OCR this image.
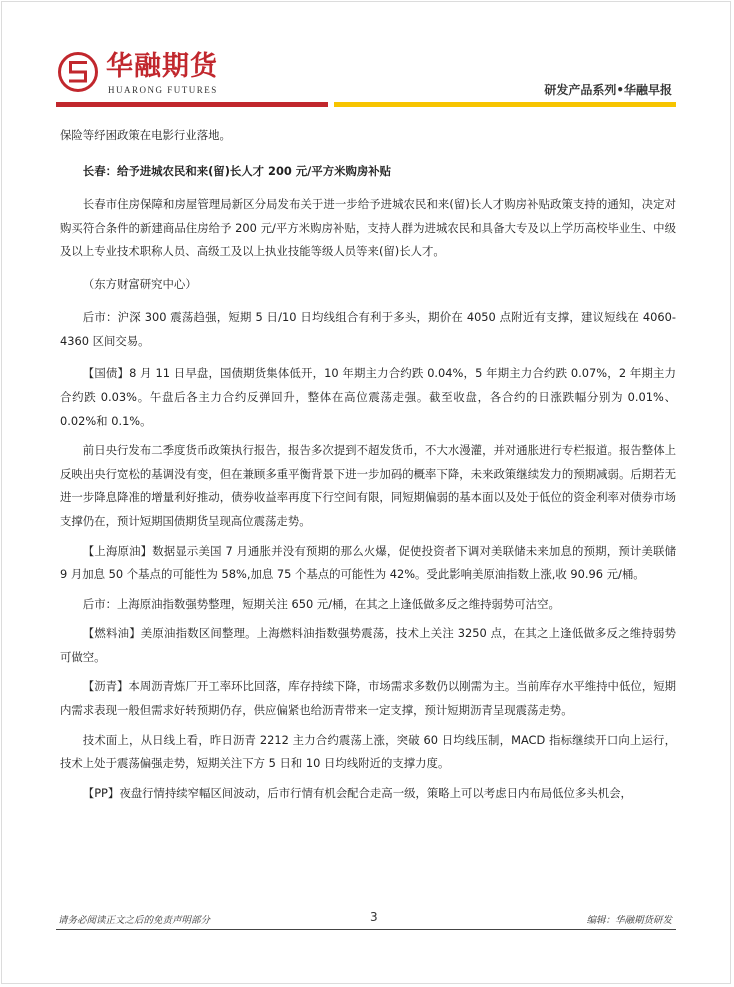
华融期货
HUARONG FUTURES	研发产品系列•华融早报

保险等纾困政策在电影行业落地。

长春：给予进城农民和来(留)长人才 200 元/平方米购房补贴

长春市住房保障和房屋管理局新区分局发布关于进一步给予进城农民和来(留)长人才购房补贴政策支持的通知，决定对购买符合条件的新建商品住房给予 200 元/平方米购房补贴，支持人群为进城农民和具备大专及以上学历高校毕业生、中级及以上专业技术职称人员、高级工及以上执业技能等级人员等来(留)长人才。

（东方财富研究中心）

后市：沪深 300 震荡趋强，短期 5 日/10 日均线组合有利于多头，期价在 4050 点附近有支撑，建议短线在 4060-4360 区间交易。

【国债】8 月 11 日早盘，国债期货集体低开，10 年期主力合约跌 0.04%，5 年期主力合约跌 0.07%，2 年期主力合约跌 0.03%。午盘后各主力合约反弹回升，整体在高位震荡走强。截至收盘，各合约的日涨跌幅分别为 0.01%、0.02%和 0.1%。

前日央行发布二季度货币政策执行报告，报告多次提到不超发货币，不大水漫灌，并对通胀进行专栏报道。报告整体上反映出央行宽松的基调没有变，但在兼顾多重平衡背景下进一步加码的概率下降，未来政策继续发力的预期减弱。后期若无进一步降息降准的增量利好推动，债券收益率再度下行空间有限，同短期偏弱的基本面以及处于低位的资金利率对债券市场支撑仍在，预计短期国债期货呈现高位震荡走势。

【上海原油】数据显示美国 7 月通胀并没有预期的那么火爆，促使投资者下调对美联储未来加息的预期，预计美联储 9 月加息 50 个基点的可能性为 58%,加息 75 个基点的可能性为 42%。受此影响美原油指数上涨,收 90.96 元/桶。

后市：上海原油指数强势整理，短期关注 650 元/桶，在其之上逢低做多反之维持弱势可沽空。

【燃料油】美原油指数区间整理。上海燃料油指数强势震荡，技术上关注 3250 点，在其之上逢低做多反之维持弱势可做空。

【沥青】本周沥青炼厂开工率环比回落，库存持续下降，市场需求多数仍以刚需为主。当前库存水平维持中低位，短期内需求表现一般但需求好转预期仍存，供应偏紧也给沥青带来一定支撑，预计短期沥青呈现震荡走势。

技术面上，从日线上看，昨日沥青 2212 主力合约震荡上涨，突破 60 日均线压制，MACD 指标继续开口向上运行，技术上处于震荡偏强走势，短期关注下方 5 日和 10 日均线附近的支撑力度。

【PP】夜盘行情持续窄幅区间波动，后市行情有机会配合走高一级，策略上可以考虑日内布局低位多头机会，

请务必阅读正文之后的免责声明部分	3	编辑：华融期货研发
